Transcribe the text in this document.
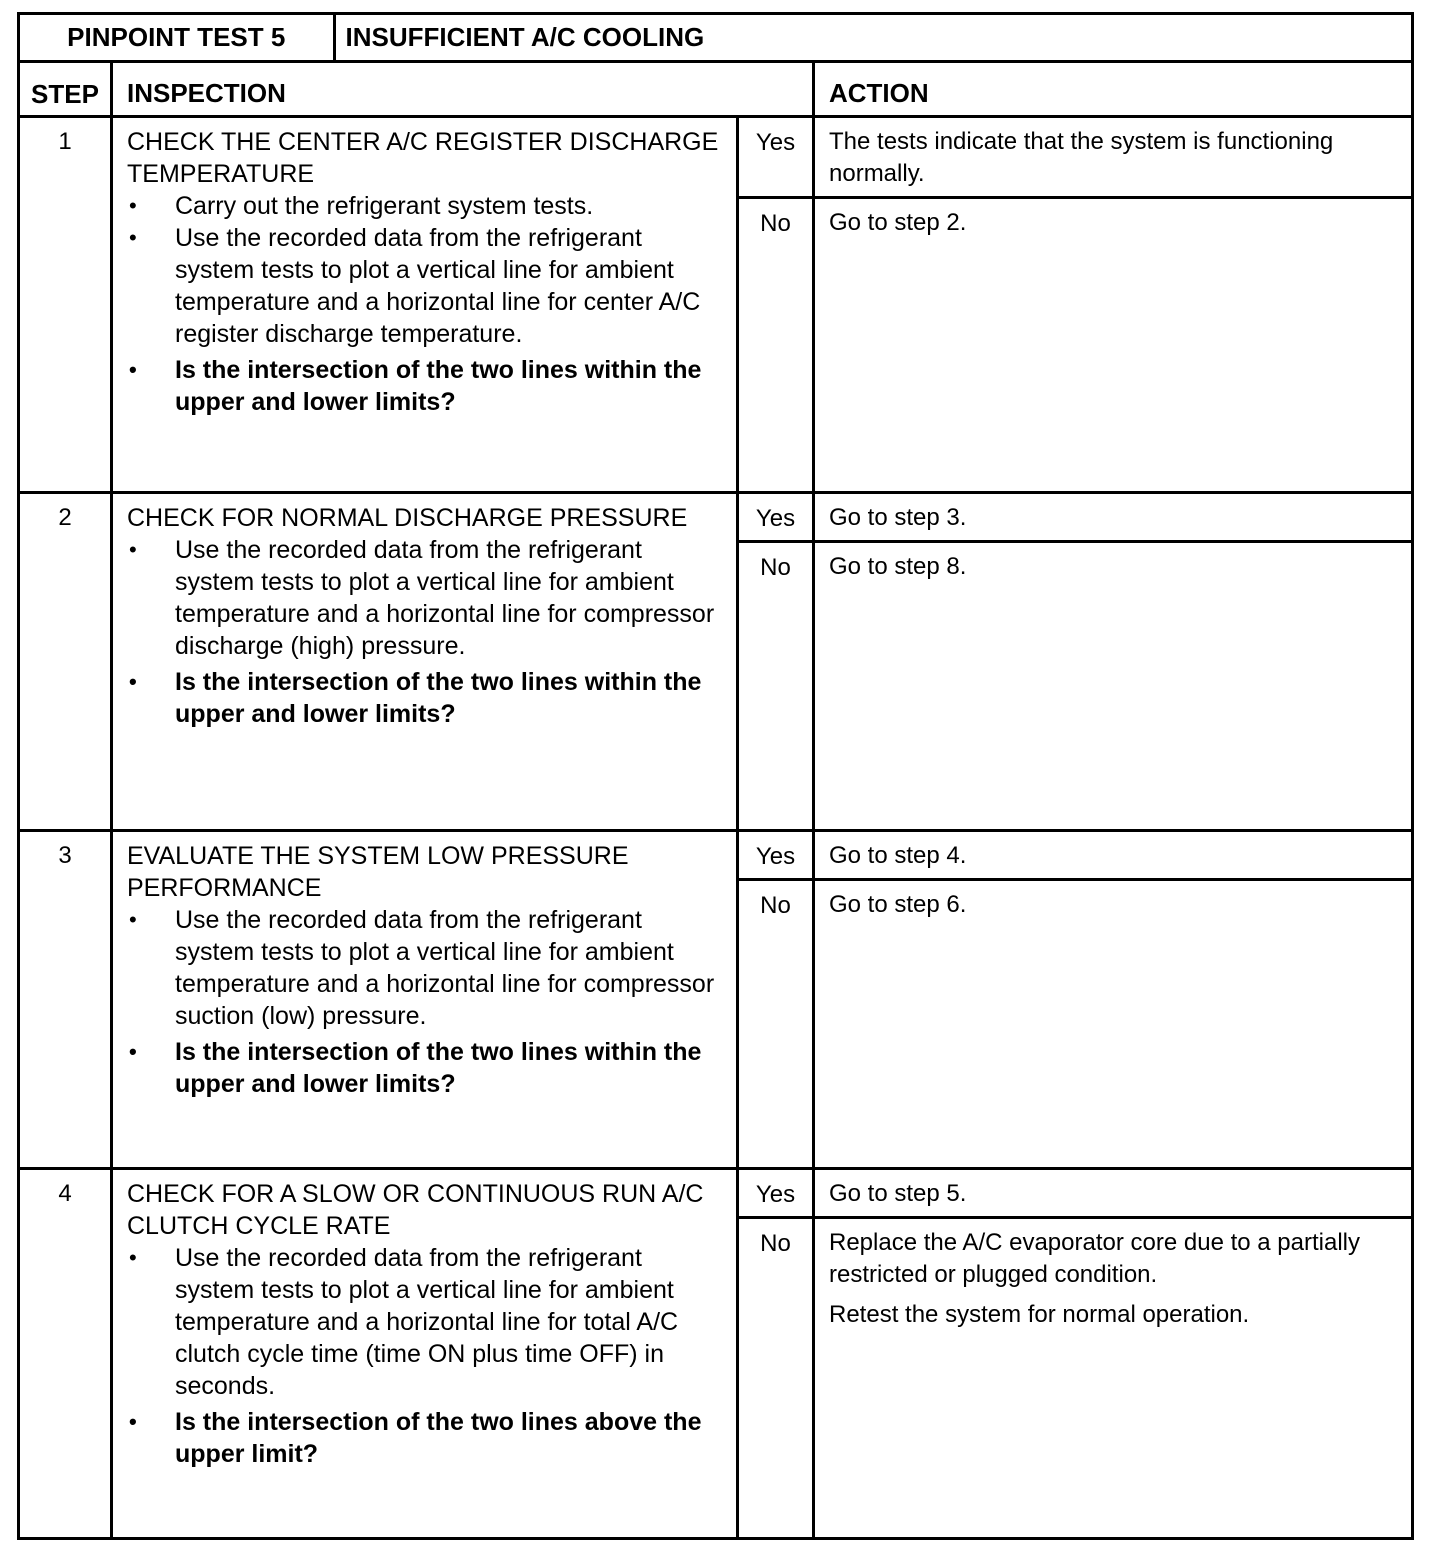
PINPOINT TEST 5	INSUFFICIENT A/C COOLING

STEP	INSPECTION	ACTION
1	CHECK THE CENTER A/C REGISTER DISCHARGE TEMPERATURE

• Carry out the refrigerant system tests.
• Use the recorded data from the refrigerant system tests to plot a vertical line for ambient temperature and a horizontal line for center A/C register discharge temperature.
• Is the intersection of the two lines within the upper and lower limits?
	Yes	The tests indicate that the system is functioning normally.

No	Go to step 2.

2	CHECK FOR NORMAL DISCHARGE PRESSURE

• Use the recorded data from the refrigerant system tests to plot a vertical line for ambient temperature and a horizontal line for compressor discharge (high) pressure.
• Is the intersection of the two lines within the upper and lower limits?
	Yes	Go to step 3.

No	Go to step 8.

3	EVALUATE THE SYSTEM LOW PRESSURE PERFORMANCE

• Use the recorded data from the refrigerant system tests to plot a vertical line for ambient temperature and a horizontal line for compressor suction (low) pressure.
• Is the intersection of the two lines within the upper and lower limits?
	Yes	Go to step 4.

No	Go to step 6.

4	CHECK FOR A SLOW OR CONTINUOUS RUN A/C CLUTCH CYCLE RATE

• Use the recorded data from the refrigerant system tests to plot a vertical line for ambient temperature and a horizontal line for total A/C clutch cycle time (time ON plus time OFF) in seconds.
• Is the intersection of the two lines above the upper limit?
	Yes	Go to step 5.

No	Replace the A/C evaporator core due to a partially restricted or plugged condition.

Retest the system for normal operation.
